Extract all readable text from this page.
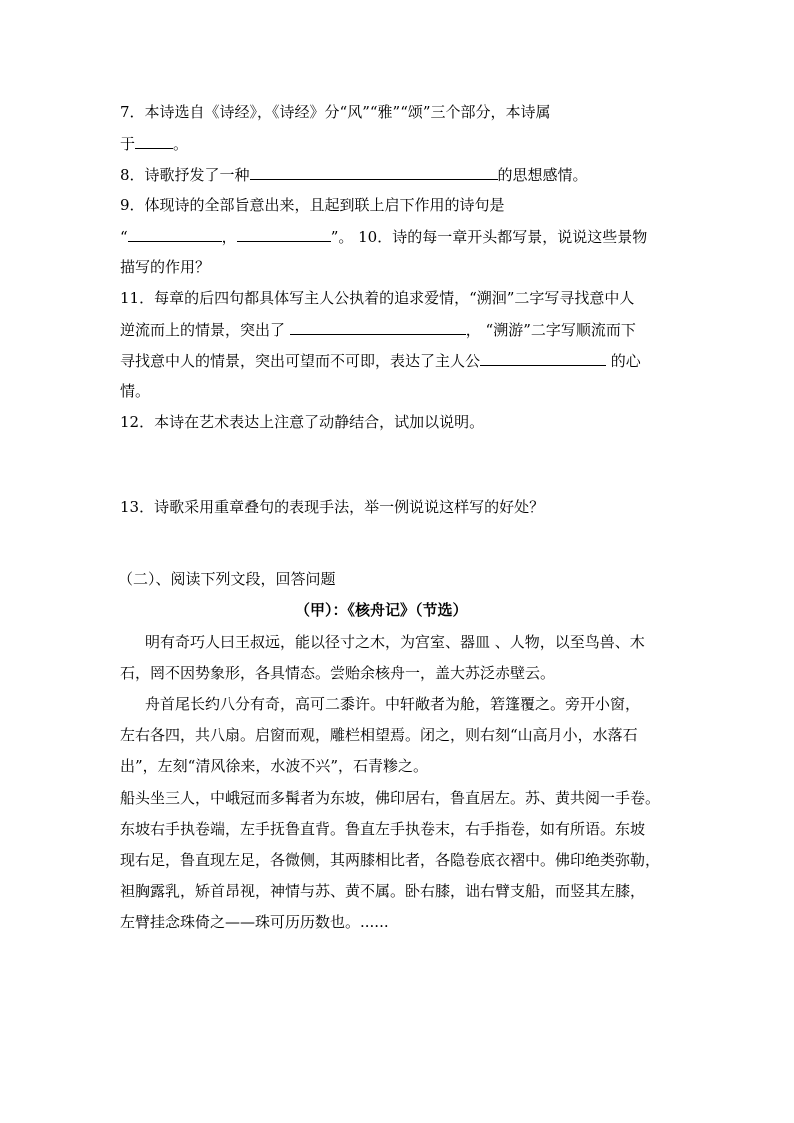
7．本诗选自《诗经》，《诗经》分“风”“雅”“颂”三个部分，本诗属
于	。
8．诗歌抒发了一种	的思想感情。
9．体现诗的全部旨意出来，且起到联上启下作用的诗句是
“	，	”。 10．诗的每一章开头都写景，说说这些景物
描写的作用？
11．每章的后四句都具体写主人公执着的追求爱情，“溯洄”二字写寻找意中人
逆流而上的情景，突出了	， “溯游”二字写顺流而下
寻找意中人的情景，突出可望而不可即，表达了主人公	的心
情。
12．本诗在艺术表达上注意了动静结合，试加以说明。
13．诗歌采用重章叠句的表现手法，举一例说说这样写的好处？
（二）、阅读下列文段，回答问题
（甲）：《核舟记》（节选）
明有奇巧人曰王叔远，能以径寸之木，为宫室、器皿 、人物，以至鸟兽、木
石，罔不因势象形，各具情态。尝贻余核舟一，盖大苏泛赤壁云。
舟首尾长约八分有奇，高可二黍许。中轩敞者为舱，箬篷覆之。旁开小窗，
左右各四，共八扇。启窗而观，雕栏相望焉。闭之，则右刻“山高月小，水落石
出”，左刻“清风徐来，水波不兴”，石青糁之。
船头坐三人，中峨冠而多髯者为东坡，佛印居右，鲁直居左。苏、黄共阅一手卷。
东坡右手执卷端，左手抚鲁直背。鲁直左手执卷末，右手指卷，如有所语。东坡
现右足，鲁直现左足，各微侧，其两膝相比者，各隐卷底衣褶中。佛印绝类弥勒，
袒胸露乳，矫首昂视，神情与苏、黄不属。卧右膝，诎右臂支船，而竖其左膝，
左臂挂念珠倚之——珠可历历数也。......
